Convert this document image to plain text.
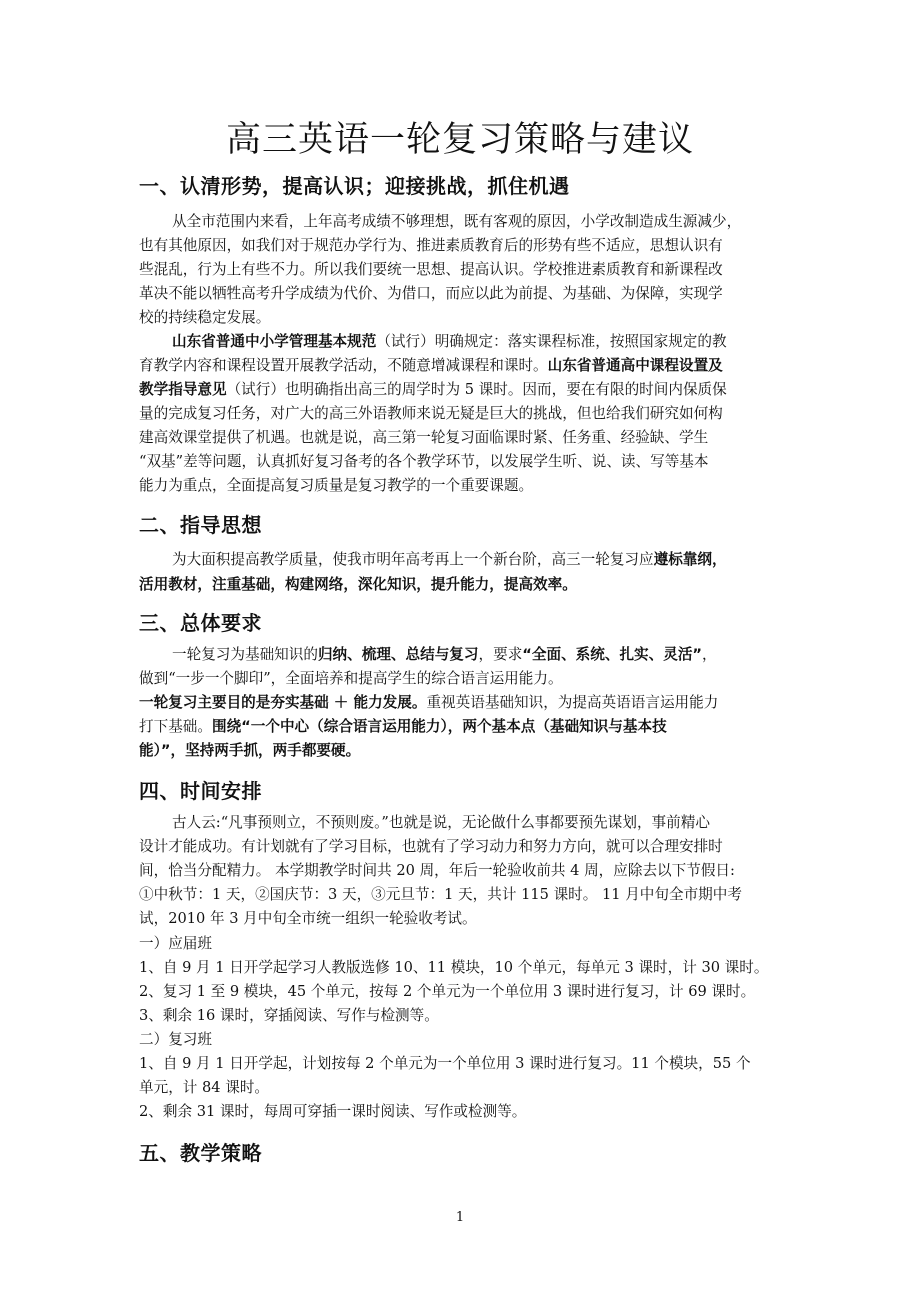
高三英语一轮复习策略与建议
一、认清形势，提高认识；迎接挑战，抓住机遇
从全市范围内来看，上年高考成绩不够理想，既有客观的原因，小学改制造成生源减少，
也有其他原因，如我们对于规范办学行为、推进素质教育后的形势有些不适应，思想认识有
些混乱，行为上有些不力。所以我们要统一思想、提高认识。学校推进素质教育和新课程改
革决不能以牺牲高考升学成绩为代价、为借口，而应以此为前提、为基础、为保障，实现学
校的持续稳定发展。
山东省普通中小学管理基本规范（试行）明确规定：落实课程标准，按照国家规定的教
育教学内容和课程设置开展教学活动，不随意增减课程和课时。山东省普通高中课程设置及
教学指导意见（试行）也明确指出高三的周学时为 5 课时。因而，要在有限的时间内保质保
量的完成复习任务，对广大的高三外语教师来说无疑是巨大的挑战，但也给我们研究如何构
建高效课堂提供了机遇。也就是说，高三第一轮复习面临课时紧、任务重、经验缺、学生
“双基”差等问题，认真抓好复习备考的各个教学环节，以发展学生听、说、读、写等基本
能力为重点，全面提高复习质量是复习教学的一个重要课题。
二、指导思想
为大面积提高教学质量，使我市明年高考再上一个新台阶，高三一轮复习应遵标靠纲，
活用教材，注重基础，构建网络，深化知识，提升能力，提高效率。
三、总体要求
一轮复习为基础知识的归纳、梳理、总结与复习，要求“全面、系统、扎实、灵活”，
做到“一步一个脚印”，全面培养和提高学生的综合语言运用能力。
一轮复习主要目的是夯实基础 ＋ 能力发展。重视英语基础知识，为提高英语语言运用能力
打下基础。围绕“一个中心（综合语言运用能力），两个基本点（基础知识与基本技
能）”，坚持两手抓，两手都要硬。
四、时间安排
古人云:“凡事预则立，不预则废。”也就是说，无论做什么事都要预先谋划，事前精心
设计才能成功。有计划就有了学习目标，也就有了学习动力和努力方向，就可以合理安排时
间，恰当分配精力。 本学期教学时间共 20 周，年后一轮验收前共 4 周，应除去以下节假日:
①中秋节：1 天，②国庆节：3 天，③元旦节：1 天，共计 115 课时。 11 月中旬全市期中考
试，2010 年 3 月中旬全市统一组织一轮验收考试。
一）应届班
1、自 9 月 1 日开学起学习人教版选修 10、11 模块，10 个单元，每单元 3 课时，计 30 课时。
2、复习 1 至 9 模块，45 个单元，按每 2 个单元为一个单位用 3 课时进行复习，计 69 课时。
3、剩余 16 课时，穿插阅读、写作与检测等。
二）复习班
1、自 9 月 1 日开学起，计划按每 2 个单元为一个单位用 3 课时进行复习。11 个模块，55 个
单元，计 84 课时。
2、剩余 31 课时，每周可穿插一课时阅读、写作或检测等。
五、教学策略
1
